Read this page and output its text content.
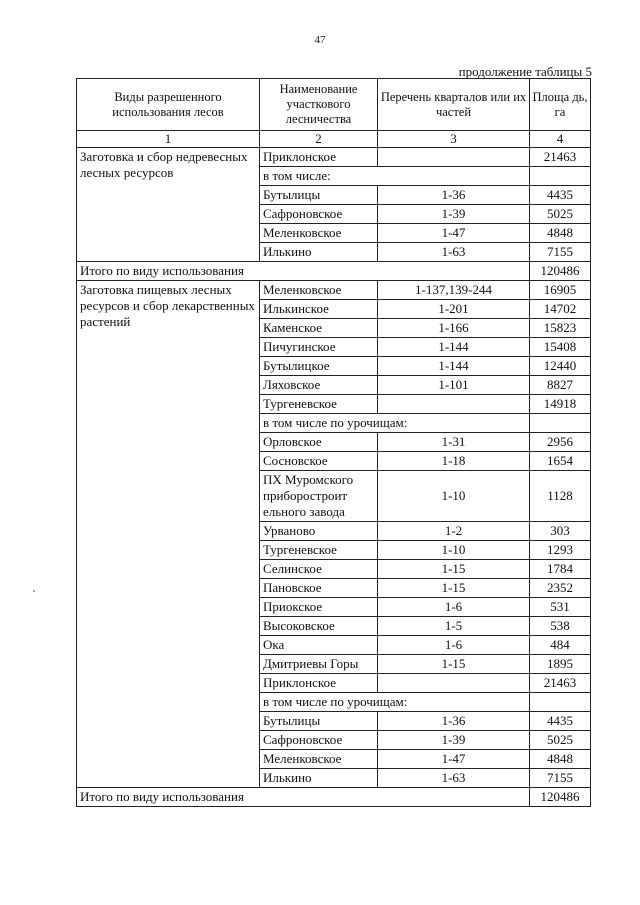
47
продолжение таблицы 5
Виды разрешенного использования лесов	Наименование участкового лесничества	Перечень кварталов или их частей	Площа дь, га
1	2	3	4
Заготовка и сбор недревесных лесных ресурсов	Приклонское		21463
	в том числе:		
	Бутылицы	1-36	4435
	Сафроновское	1-39	5025
	Меленковское	1-47	4848
	Илькино	1-63	7155
Итого по виду использования			120486
Заготовка пищевых лесных ресурсов и сбор лекарственных растений	Меленковское	1-137,139-244	16905
	Илькинское	1-201	14702
	Каменское	1-166	15823
	Пичугинское	1-144	15408
	Бутылицкое	1-144	12440
	Ляховское	1-101	8827
	Тургеневское		14918
	в том числе по урочищам:		
	Орловское	1-31	2956
	Сосновское	1-18	1654
	ПХ Муромского приборостроит ельного завода	1-10	1128
	Урваново	1-2	303
	Тургеневское	1-10	1293
	Селинское	1-15	1784
	Пановское	1-15	2352
	Приокское	1-6	531
	Высоковское	1-5	538
	Ока	1-6	484
	Дмитриевы Горы	1-15	1895
	Приклонское		21463
	в том числе по урочищам:		
	Бутылицы	1-36	4435
	Сафроновское	1-39	5025
	Меленковское	1-47	4848
	Илькино	1-63	7155
Итого по виду использования			120486
